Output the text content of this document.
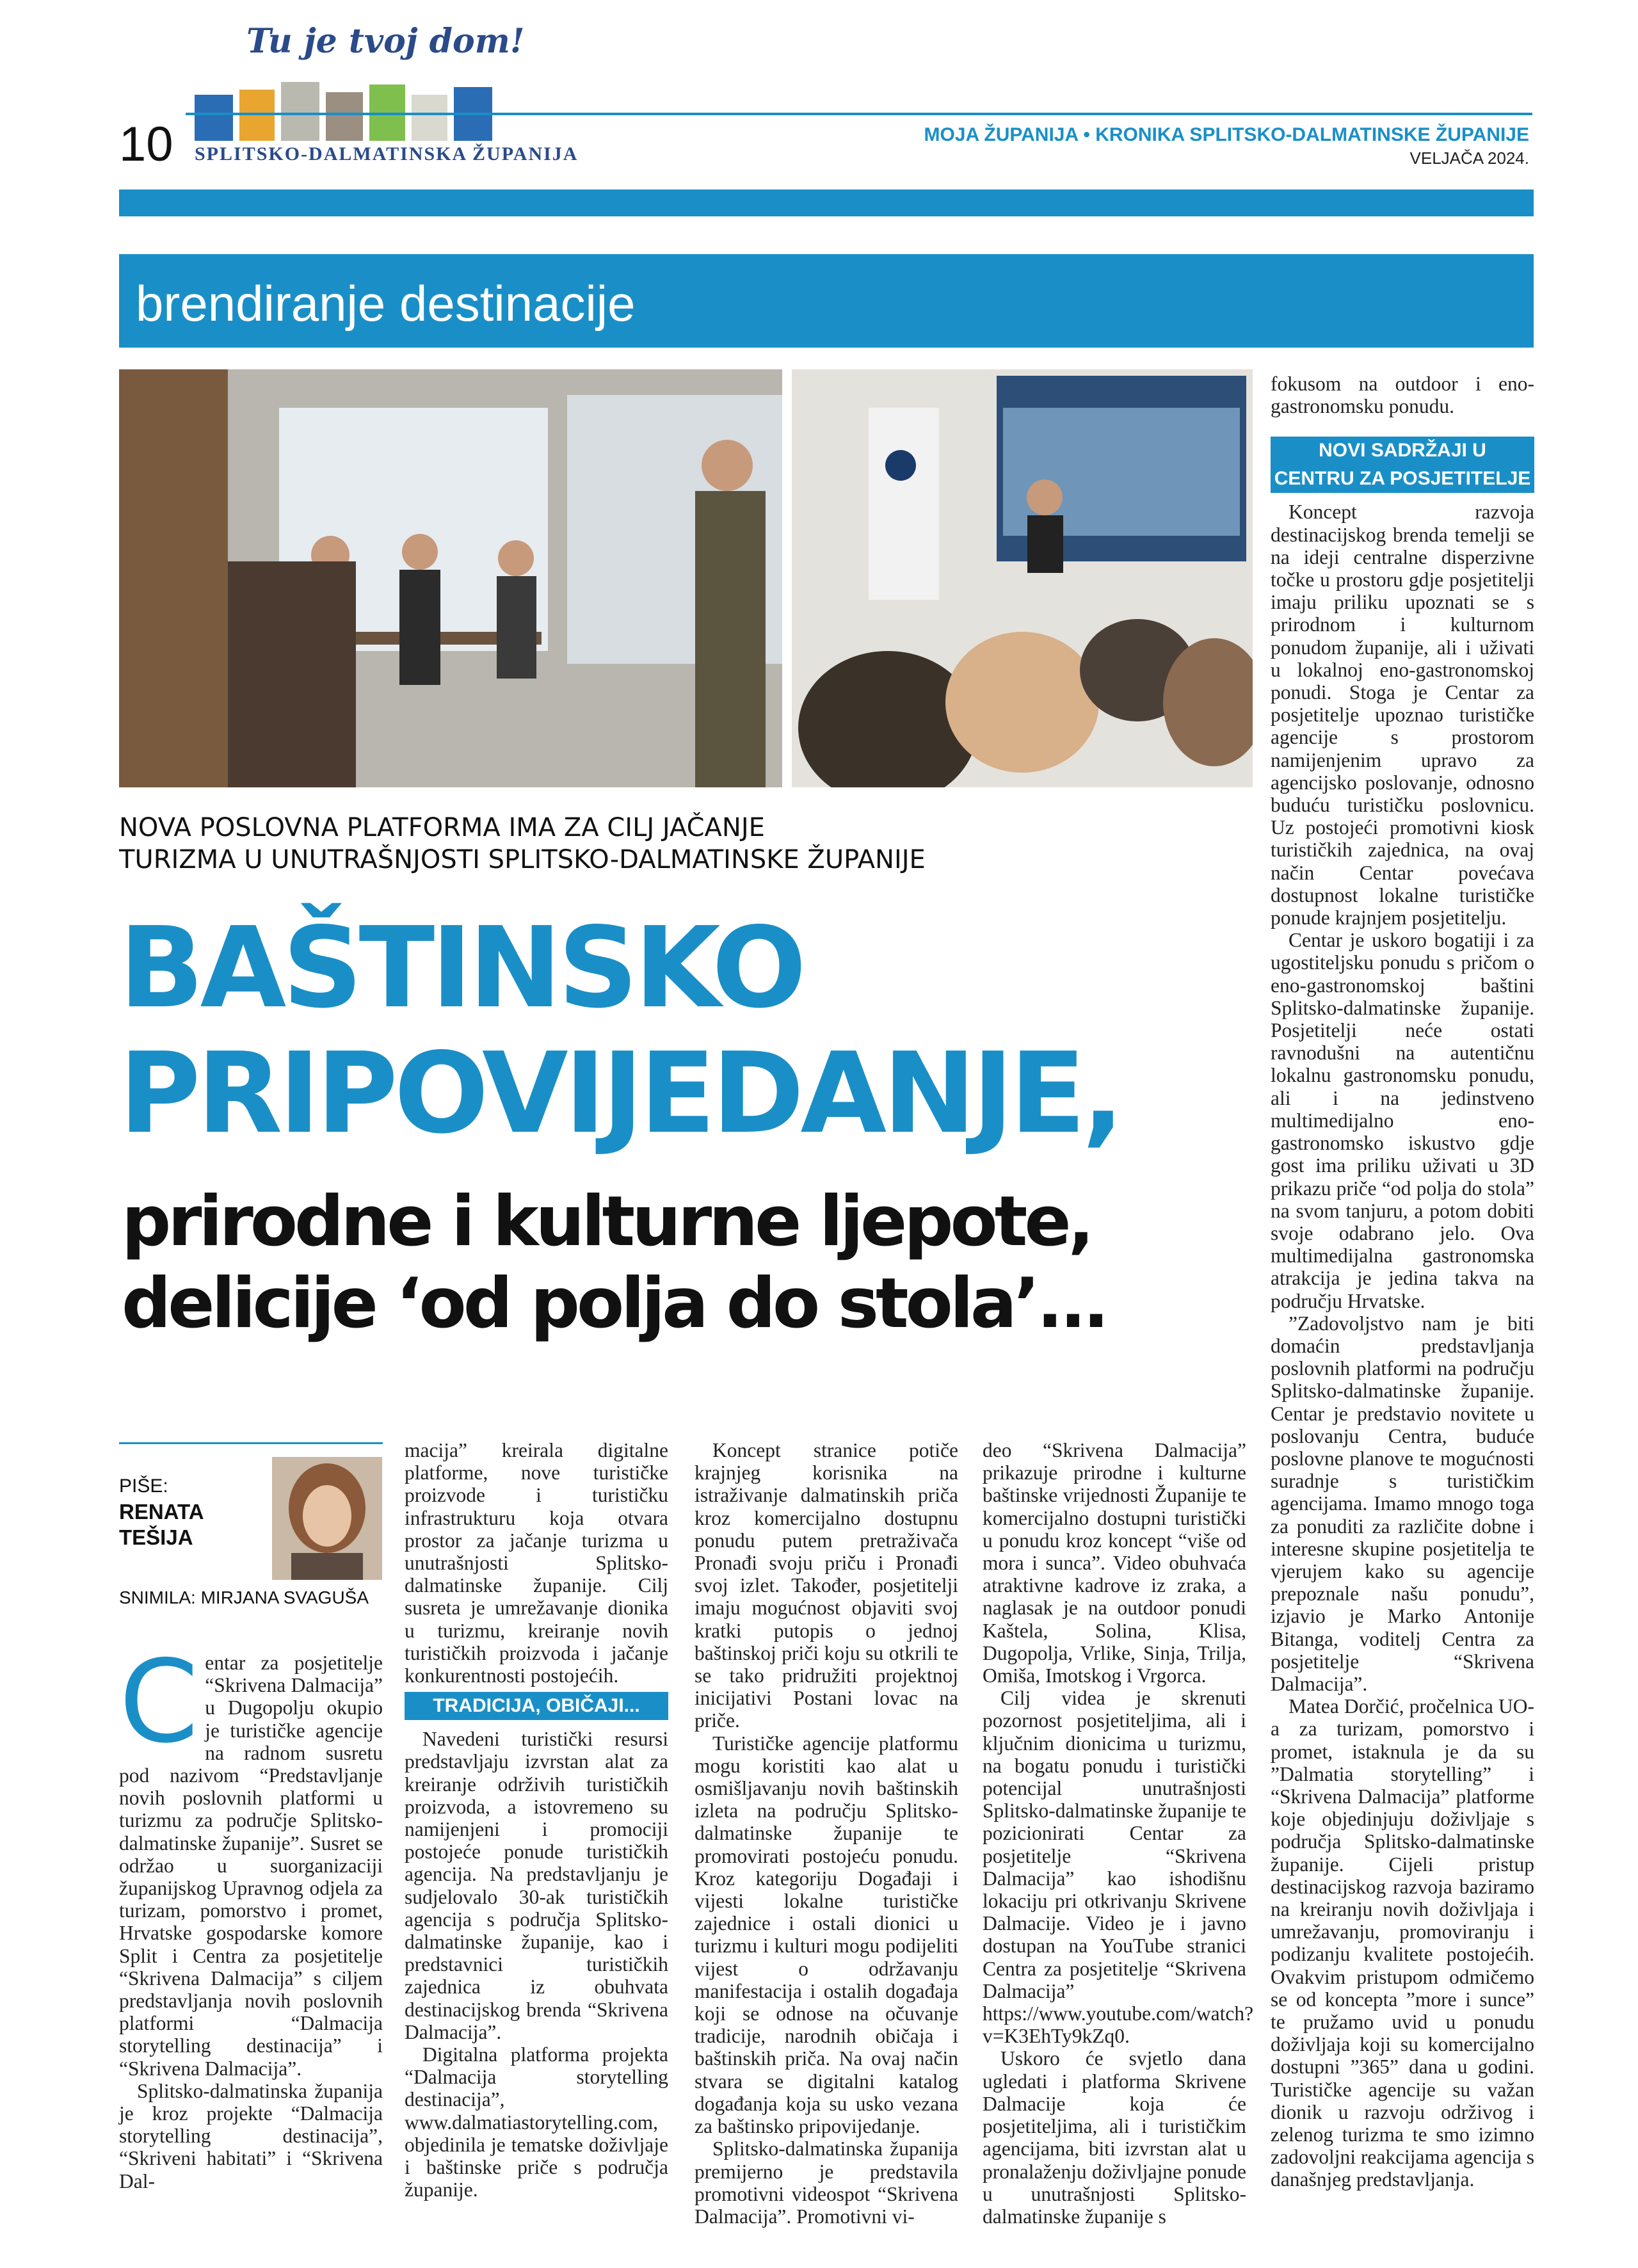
Tu je tvoj dom!
SPLITSKO-DALMATINSKA ŽUPANIJA
10	MOJA ŽUPANIJA • KRONIKA SPLITSKO-DALMATINSKE ŽUPANIJE
VELJAČA 2024.
brendiranje destinacije
NOVA POSLOVNA PLATFORMA IMA ZA CILJ JAČANJE
TURIZMA U UNUTRAŠNJOSTI SPLITSKO-DALMATINSKE ŽUPANIJE
BAŠTINSKO
PRIPOVIJEDANJE,
prirodne i kulturne ljepote,
delicije ‘od polja do stola’...
PIŠE:
RENATA TEŠIJA
SNIMILA: MIRJANA SVAGUŠA
C entar za posjetitelje “Skrivena Dalmacija” u Dugopolju okupio je turističke agencije na radnom susretu pod nazivom “Predstavljanje novih poslovnih platformi u turizmu za područje Splitsko-dalmatinske županije”. Susret se održao u suorganizaciji županijskog Upravnog odjela za turizam, pomorstvo i promet, Hrvatske gospodarske komore Split i Centra za posjetitelje “Skrivena Dalmacija” s ciljem predstavljanja novih poslovnih platformi “Dalmacija storytelling destinacija” i “Skrivena Dalmacija”.

Splitsko-dalmatinska županija je kroz projekte “Dalmacija storytelling destinacija”, “Skriveni habitati” i “Skrivena Dal-

macija” kreirala digitalne platforme, nove turističke proizvode i turističku infrastrukturu koja otvara prostor za jačanje turizma u unutrašnjosti Splitsko-dalmatinske županije. Cilj susreta je umrežavanje dionika u turizmu, kreiranje novih turističkih proizvoda i jačanje konkurentnosti postojećih.

TRADICIJA, OBIČAJI...

Navedeni turistički resursi predstavljaju izvrstan alat za kreiranje održivih turističkih proizvoda, a istovremeno su namijenjeni i promociji postojeće ponude turističkih agencija. Na predstavljanju je sudjelovalo 30-ak turističkih agencija s područja Splitsko-dalmatinske županije, kao i predstavnici turističkih zajednica iz obuhvata destinacijskog brenda “Skrivena Dalmacija”.

Digitalna platforma projekta “Dalmacija storytelling destinacija”, www.dalmatiastorytelling.com, objedinila je tematske doživljaje i baštinske priče s područja županije.

Koncept stranice potiče krajnjeg korisnika na istraživanje dalmatinskih priča kroz komercijalno dostupnu ponudu putem pretraživača Pronađi svoju priču i Pronađi svoj izlet. Također, posjetitelji imaju mogućnost objaviti svoj kratki putopis o jednoj baštinskoj priči koju su otkrili te se tako pridružiti projektnoj inicijativi Postani lovac na priče.

Turističke agencije platformu mogu koristiti kao alat u osmišljavanju novih baštinskih izleta na području Splitsko-dalmatinske županije te promovirati postojeću ponudu. Kroz kategoriju Događaji i vijesti lokalne turističke zajednice i ostali dionici u turizmu i kulturi mogu podijeliti vijest o održavanju manifestacija i ostalih događaja koji se odnose na očuvanje tradicije, narodnih običaja i baštinskih priča. Na ovaj način stvara se digitalni katalog događanja koja su usko vezana za baštinsko pripovijedanje.

Splitsko-dalmatinska županija premijerno je predstavila promotivni videospot “Skrivena Dalmacija”. Promotivni vi-

deo “Skrivena Dalmacija” prikazuje prirodne i kulturne baštinske vrijednosti Županije te komercijalno dostupni turistički u ponudu kroz koncept “više od mora i sunca”. Video obuhvaća atraktivne kadrove iz zraka, a naglasak je na outdoor ponudi Kaštela, Solina, Klisa, Dugopolja, Vrlike, Sinja, Trilja, Omiša, Imotskog i Vrgorca.

Cilj videa je skrenuti pozornost posjetiteljima, ali i ključnim dionicima u turizmu, na bogatu ponudu i turistički potencijal unutrašnjosti Splitsko-dalmatinske županije te pozicionirati Centar za posjetitelje “Skrivena Dalmacija” kao ishodišnu lokaciju pri otkrivanju Skrivene Dalmacije. Video je i javno dostupan na YouTube stranici Centra za posjetitelje “Skrivena Dalmacija” https://www.youtube.com/watch?v=K3EhTy9kZq0.

Uskoro će svjetlo dana ugledati i platforma Skrivene Dalmacije koja će posjetiteljima, ali i turističkim agencijama, biti izvrstan alat u pronalaženju doživljajne ponude u unutrašnjosti Splitsko-dalmatinske županije s

fokusom na outdoor i eno-gastronomsku ponudu.

NOVI SADRŽAJI U
CENTRU ZA POSJETITELJE

Koncept razvoja destinacijskog brenda temelji se na ideji centralne disperzivne točke u prostoru gdje posjetitelji imaju priliku upoznati se s prirodnom i kulturnom ponudom županije, ali i uživati u lokalnoj eno-gastronomskoj ponudi. Stoga je Centar za posjetitelje upoznao turističke agencije s prostorom namijenjenim upravo za agencijsko poslovanje, odnosno buduću turističku poslovnicu. Uz postojeći promotivni kiosk turističkih zajednica, na ovaj način Centar povećava dostupnost lokalne turističke ponude krajnjem posjetitelju.

Centar je uskoro bogatiji i za ugostiteljsku ponudu s pričom o eno-gastronomskoj baštini Splitsko-dalmatinske županije. Posjetitelji neće ostati ravnodušni na autentičnu lokalnu gastronomsku ponudu, ali i na jedinstveno multimedijalno eno-gastronomsko iskustvo gdje gost ima priliku uživati u 3D prikazu priče “od polja do stola” na svom tanjuru, a potom dobiti svoje odabrano jelo. Ova multimedijalna gastronomska atrakcija je jedina takva na području Hrvatske.

”Zadovoljstvo nam je biti domaćin predstavljanja poslovnih platformi na području Splitsko-dalmatinske županije. Centar je predstavio novitete u poslovanju Centra, buduće poslovne planove te mogućnosti suradnje s turističkim agencijama. Imamo mnogo toga za ponuditi za različite dobne i interesne skupine posjetitelja te vjerujem kako su agencije prepoznale našu ponudu”, izjavio je Marko Antonije Bitanga, voditelj Centra za posjetitelje “Skrivena Dalmacija”.

Matea Dorčić, pročelnica UO-a za turizam, pomorstvo i promet, istaknula je da su ”Dalmatia storytelling” i “Skrivena Dalmacija” platforme koje objedinjuju doživljaje s područja Splitsko-dalmatinske županije. Cijeli pristup destinacijskog razvoja baziramo na kreiranju novih doživljaja i umrežavanju, promoviranju i podizanju kvalitete postojećih. Ovakvim pristupom odmičemo se od koncepta ”more i sunce” te pružamo uvid u ponudu doživljaja koji su komercijalno dostupni ”365” dana u godini. Turističke agencije su važan dionik u razvoju održivog i zelenog turizma te smo izimno zadovoljni reakcijama agencija s današnjeg predstavljanja.
